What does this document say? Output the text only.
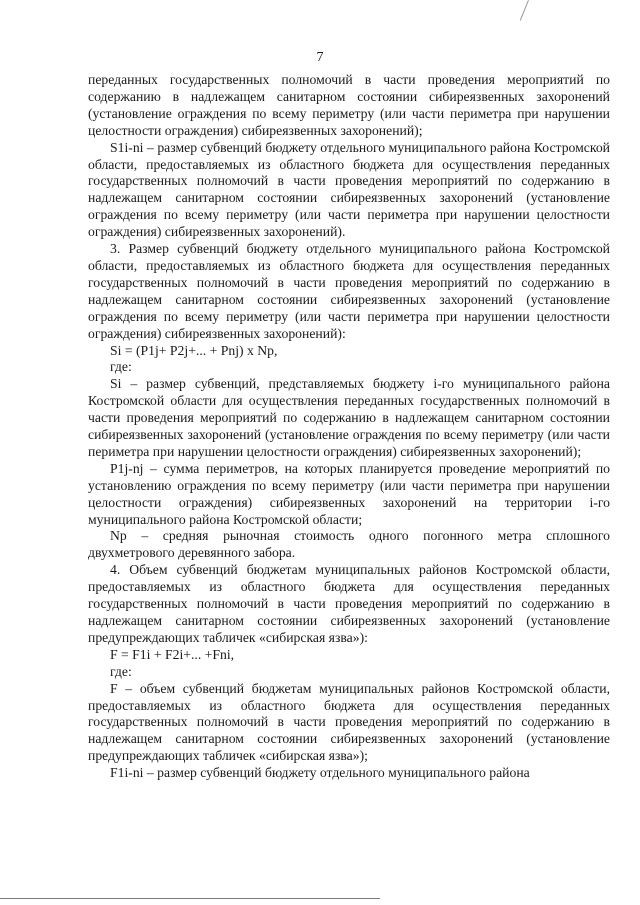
7

переданных государственных полномочий в части проведения мероприятий по содержанию в надлежащем санитарном состоянии сибиреязвенных захоронений (установление ограждения по всему периметру (или части периметра при нарушении целостности ограждения) сибиреязвенных захоронений);

S1i-ni – размер субвенций бюджету отдельного муниципального района Костромской области, предоставляемых из областного бюджета для осуществления переданных государственных полномочий в части проведения мероприятий по содержанию в надлежащем санитарном состоянии сибиреязвенных захоронений (установление ограждения по всему периметру (или части периметра при нарушении целостности ограждения) сибиреязвенных захоронений).

3. Размер субвенций бюджету отдельного муниципального района Костромской области, предоставляемых из областного бюджета для осуществления переданных государственных полномочий в части проведения мероприятий по содержанию в надлежащем санитарном состоянии сибиреязвенных захоронений (установление ограждения по всему периметру (или части периметра при нарушении целостности ограждения) сибиреязвенных захоронений):

Si = (P1j+ P2j+... + Pnj) x Np,

где:

Si – размер субвенций, представляемых бюджету i-го муниципального района Костромской области для осуществления переданных государственных полномочий в части проведения мероприятий по содержанию в надлежащем санитарном состоянии сибиреязвенных захоронений (установление ограждения по всему периметру (или части периметра при нарушении целостности ограждения) сибиреязвенных захоронений);

P1j-nj – сумма периметров, на которых планируется проведение мероприятий по установлению ограждения по всему периметру (или части периметра при нарушении целостности ограждения) сибиреязвенных захоронений на территории i-го муниципального района Костромской области;

Np – средняя рыночная стоимость одного погонного метра сплошного двухметрового деревянного забора.

4. Объем субвенций бюджетам муниципальных районов Костромской области, предоставляемых из областного бюджета для осуществления переданных государственных полномочий в части проведения мероприятий по содержанию в надлежащем санитарном состоянии сибиреязвенных захоронений (установление предупреждающих табличек «сибирская язва»):

F = F1i + F2i+... +Fni,

где:

F – объем субвенций бюджетам муниципальных районов Костромской области, предоставляемых из областного бюджета для осуществления переданных государственных полномочий в части проведения мероприятий по содержанию в надлежащем санитарном состоянии сибиреязвенных захоронений (установление предупреждающих табличек «сибирская язва»);

F1i-ni – размер субвенций бюджету отдельного муниципального района
